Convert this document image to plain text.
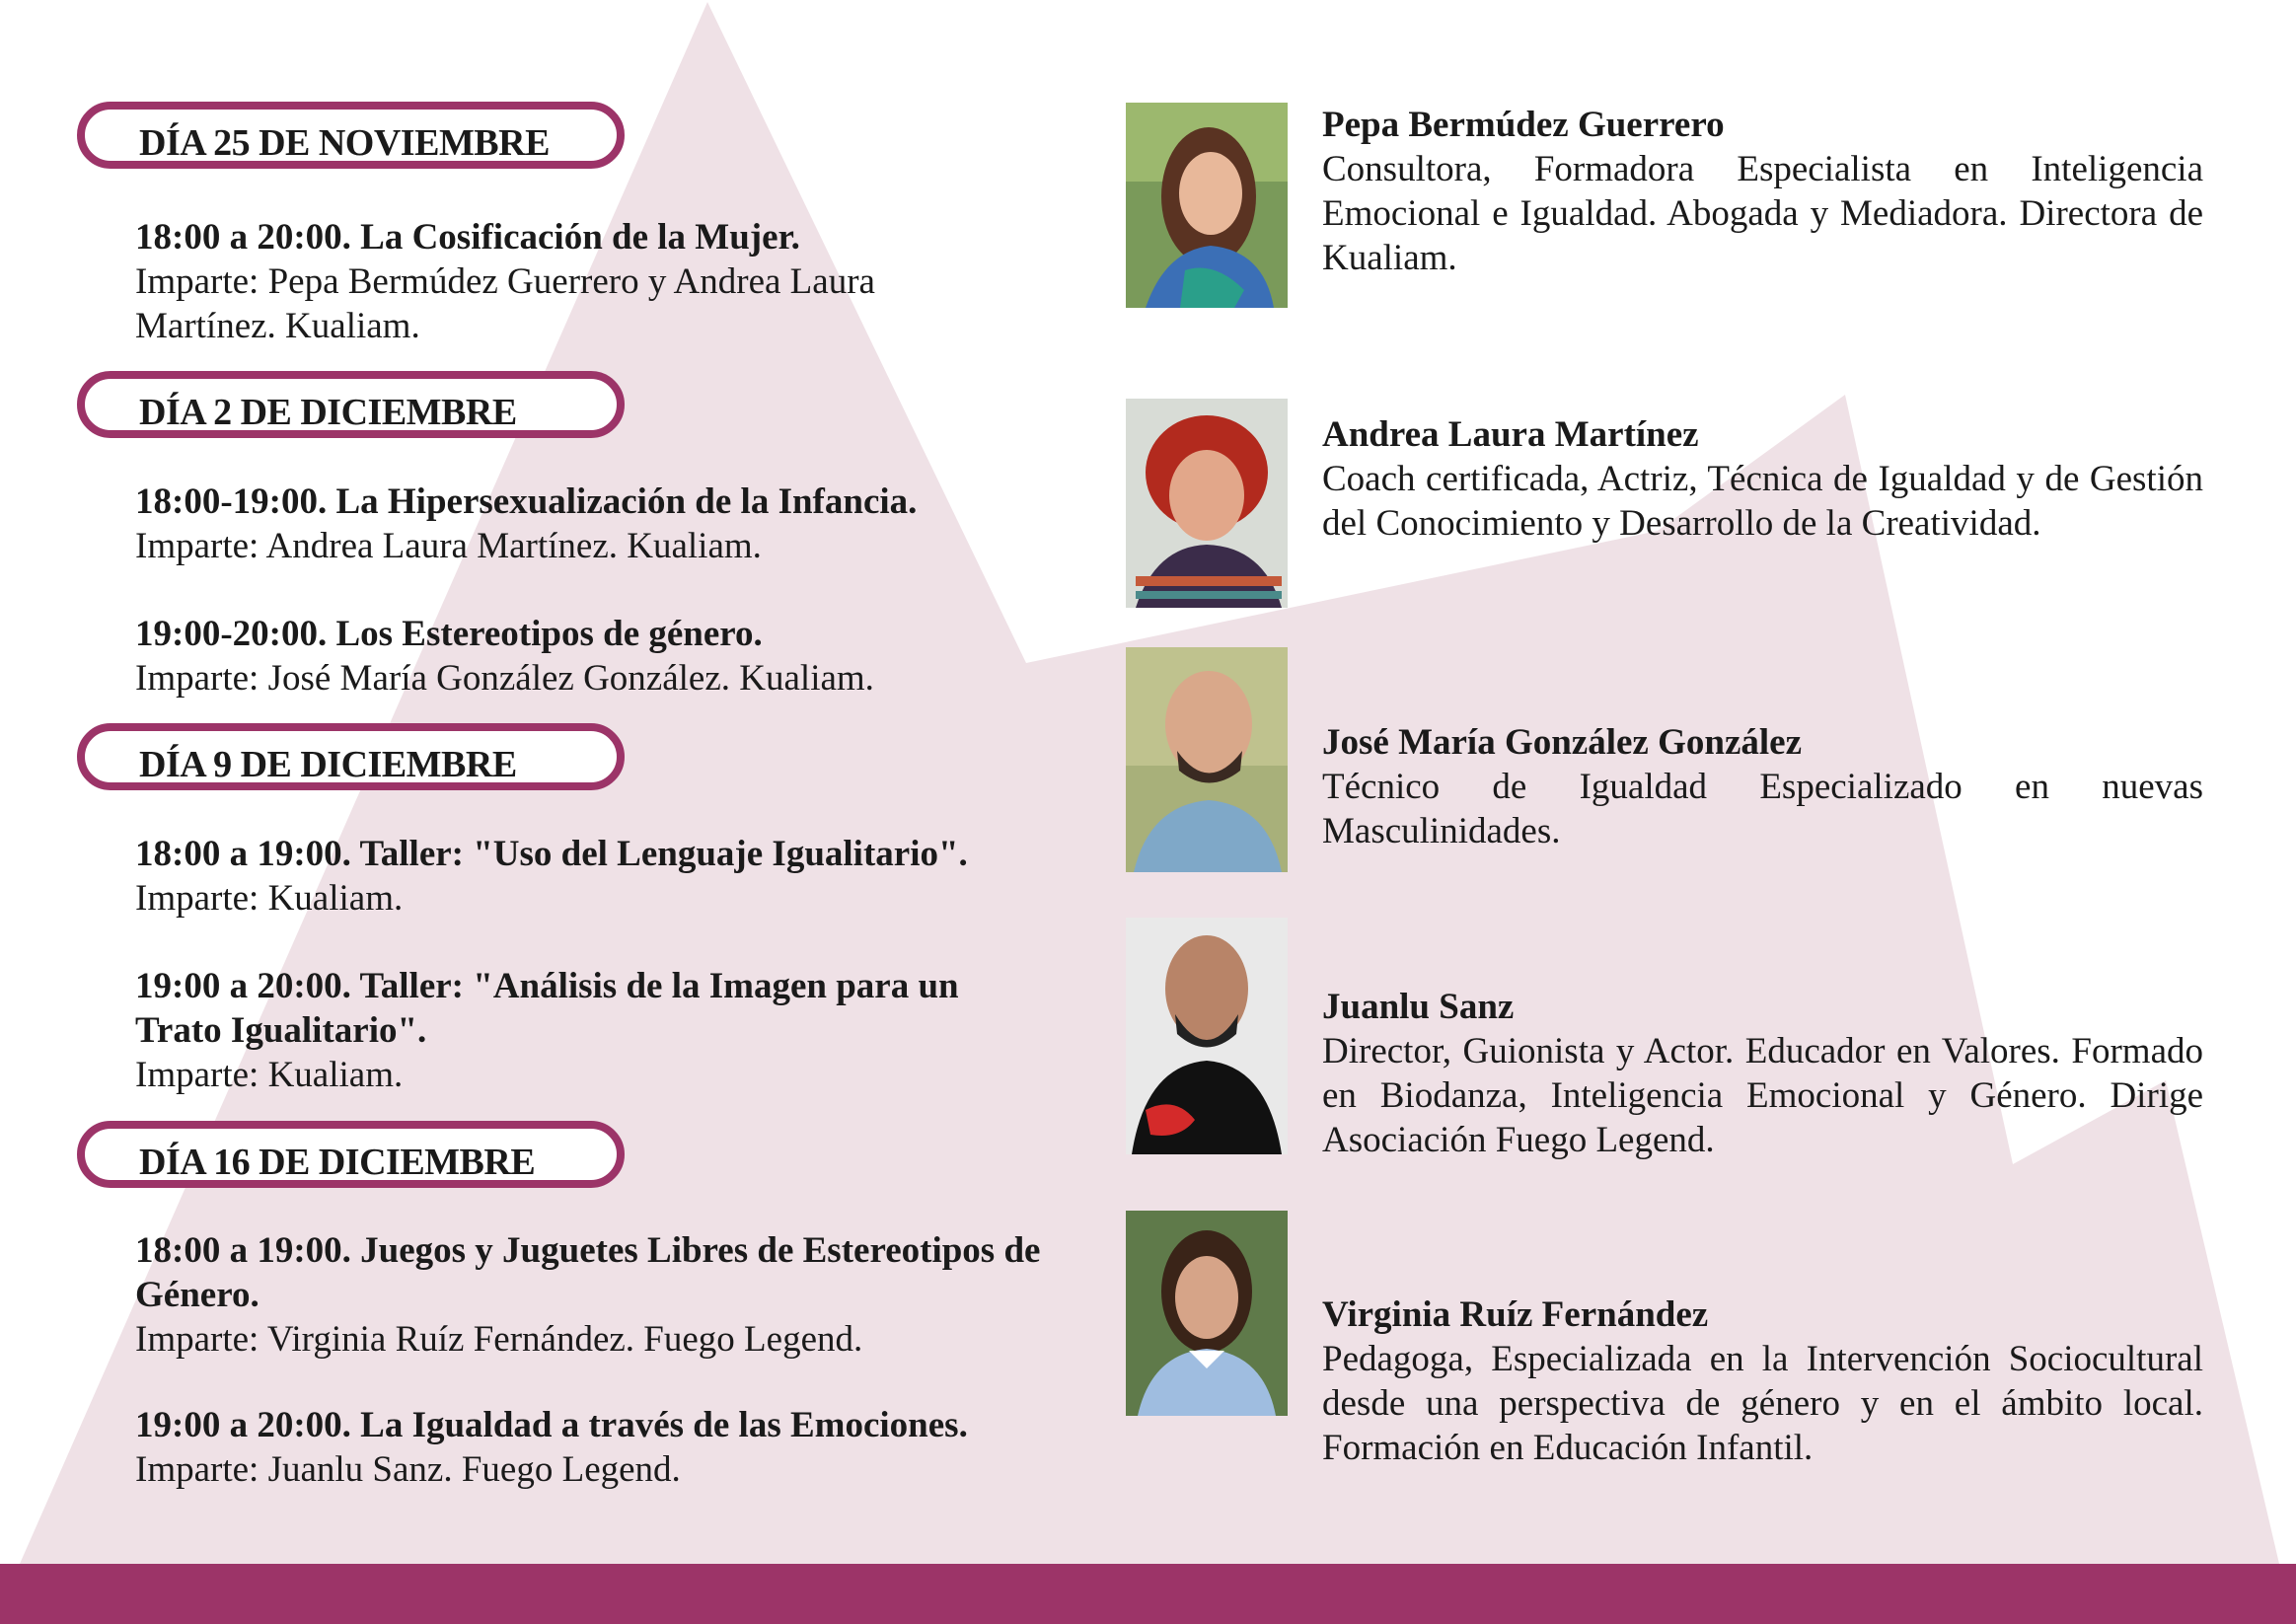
DÍA 25 DE NOVIEMBRE
18:00 a 20:00. La Cosificación de la Mujer.
Imparte: Pepa Bermúdez Guerrero y Andrea Laura Martínez. Kualiam.
DÍA 2 DE DICIEMBRE
18:00-19:00. La Hipersexualización de la Infancia.
Imparte: Andrea Laura Martínez. Kualiam.
19:00-20:00. Los Estereotipos de género.
Imparte: José María González González. Kualiam.
DÍA 9 DE DICIEMBRE
18:00 a 19:00. Taller: "Uso del Lenguaje Igualitario".
Imparte: Kualiam.
19:00 a 20:00. Taller: "Análisis de la Imagen para un Trato Igualitario".
Imparte: Kualiam.
DÍA 16 DE DICIEMBRE
18:00 a 19:00. Juegos y Juguetes Libres de Estereotipos de Género.
Imparte: Virginia Ruíz Fernández. Fuego Legend.
19:00 a 20:00. La Igualdad a través de las Emociones.
Imparte: Juanlu Sanz. Fuego Legend.
Pepa Bermúdez Guerrero
Consultora, Formadora Especialista en Inteligencia Emocional e Igualdad. Abogada y Mediadora. Directora de Kualiam.
Andrea Laura Martínez
Coach certificada, Actriz, Técnica de Igualdad y de Gestión del Conocimiento y Desarrollo de la Creatividad.
José María González González
Técnico de Igualdad Especializado en nuevas Masculinidades.
Juanlu Sanz
Director, Guionista y Actor. Educador en Valores. Formado en Biodanza, Inteligencia Emocional y Género. Dirige Asociación Fuego Legend.
Virginia Ruíz Fernández
Pedagoga, Especializada en la Intervención Sociocultural desde una perspectiva de género y en el ámbito local. Formación en Educación Infantil.
